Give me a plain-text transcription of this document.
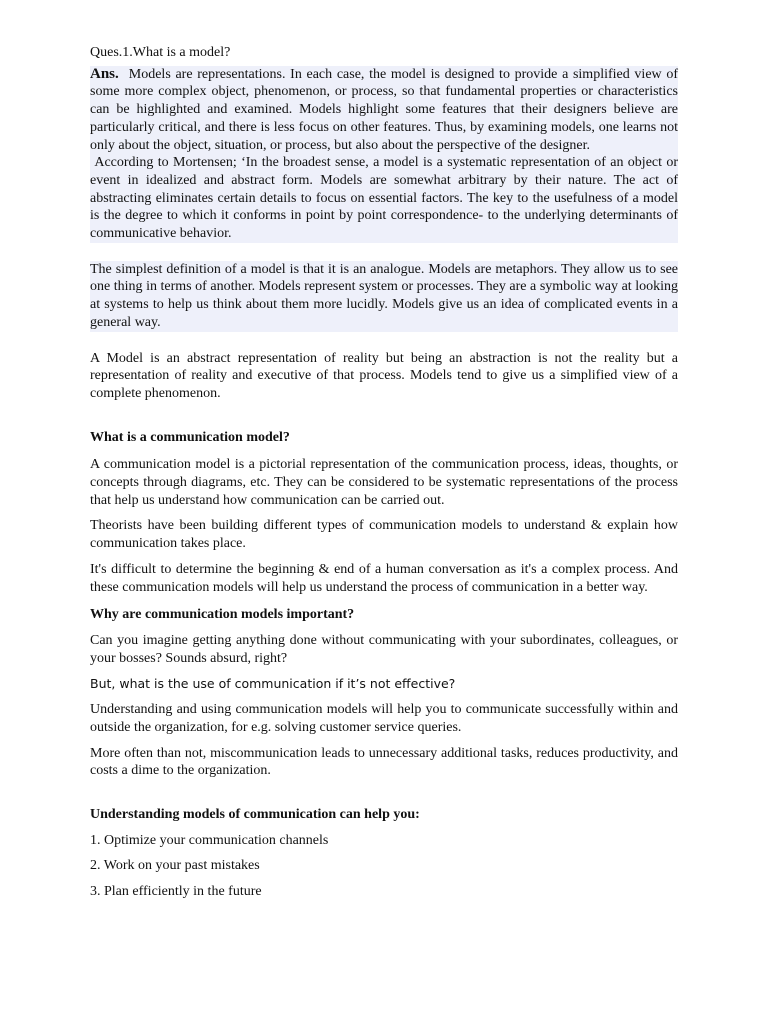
Ques.1.What is a model?

Ans. Models are representations. In each case, the model is designed to provide a simplified view of some more complex object, phenomenon, or process, so that fundamental properties or characteristics can be highlighted and examined. Models highlight some features that their designers believe are particularly critical, and there is less focus on other features. Thus, by examining models, one learns not only about the object, situation, or process, but also about the perspective of the designer.

According to Mortensen; ‘In the broadest sense, a model is a systematic representation of an object or event in idealized and abstract form. Models are somewhat arbitrary by their nature. The act of abstracting eliminates certain details to focus on essential factors. The key to the usefulness of a model is the degree to which it conforms in point by point correspondence- to the underlying determinants of communicative behavior.

The simplest definition of a model is that it is an analogue. Models are metaphors. They allow us to see one thing in terms of another. Models represent system or processes. They are a symbolic way at looking at systems to help us think about them more lucidly. Models give us an idea of complicated events in a general way.

A Model is an abstract representation of reality but being an abstraction is not the reality but a representation of reality and executive of that process. Models tend to give us a simplified view of a complete phenomenon.

What is a communication model?

A communication model is a pictorial representation of the communication process, ideas, thoughts, or concepts through diagrams, etc. They can be considered to be systematic representations of the process that help us understand how communication can be carried out.

Theorists have been building different types of communication models to understand & explain how communication takes place.

It's difficult to determine the beginning & end of a human conversation as it's a complex process. And these communication models will help us understand the process of communication in a better way.

Why are communication models important?

Can you imagine getting anything done without communicating with your subordinates, colleagues, or your bosses? Sounds absurd, right?

But, what is the use of communication if it’s not effective?

Understanding and using communication models will help you to communicate successfully within and outside the organization, for e.g. solving customer service queries.

More often than not, miscommunication leads to unnecessary additional tasks, reduces productivity, and costs a dime to the organization.

Understanding models of communication can help you:

1. Optimize your communication channels

2. Work on your past mistakes

3. Plan efficiently in the future
